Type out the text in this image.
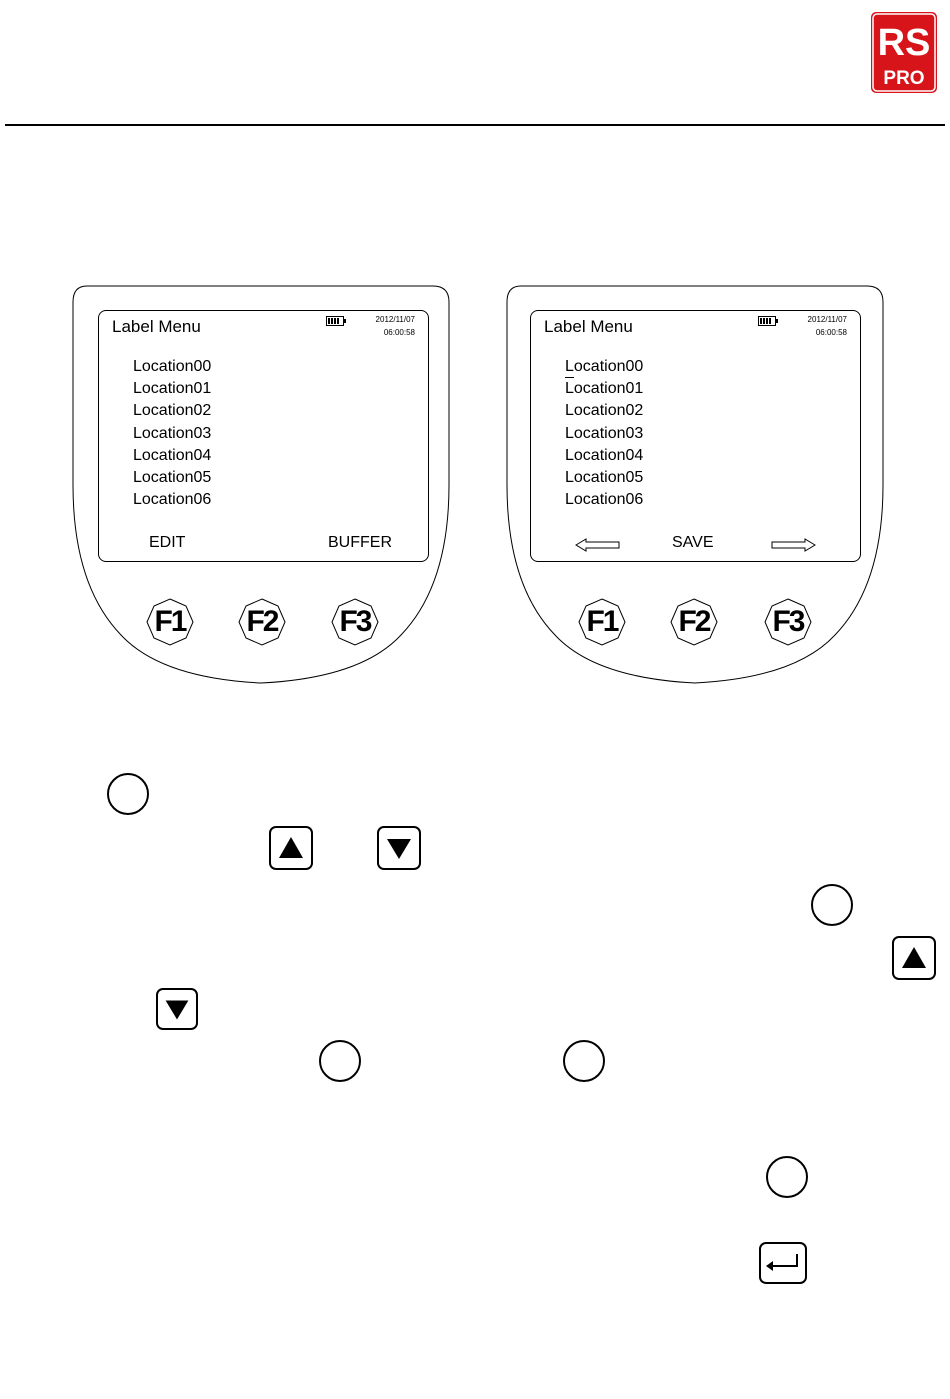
RS
PRO
Label Menu	2012/11/07
06:00:58
Location00
Location01
Location02
Location03
Location04
Location05
Location06
EDIT	BUFFER
F1 F2 F3
Label Menu	2012/11/07
06:00:58
Location00
Location01
Location02
Location03
Location04
Location05
Location06
SAVE
F1 F2 F3
